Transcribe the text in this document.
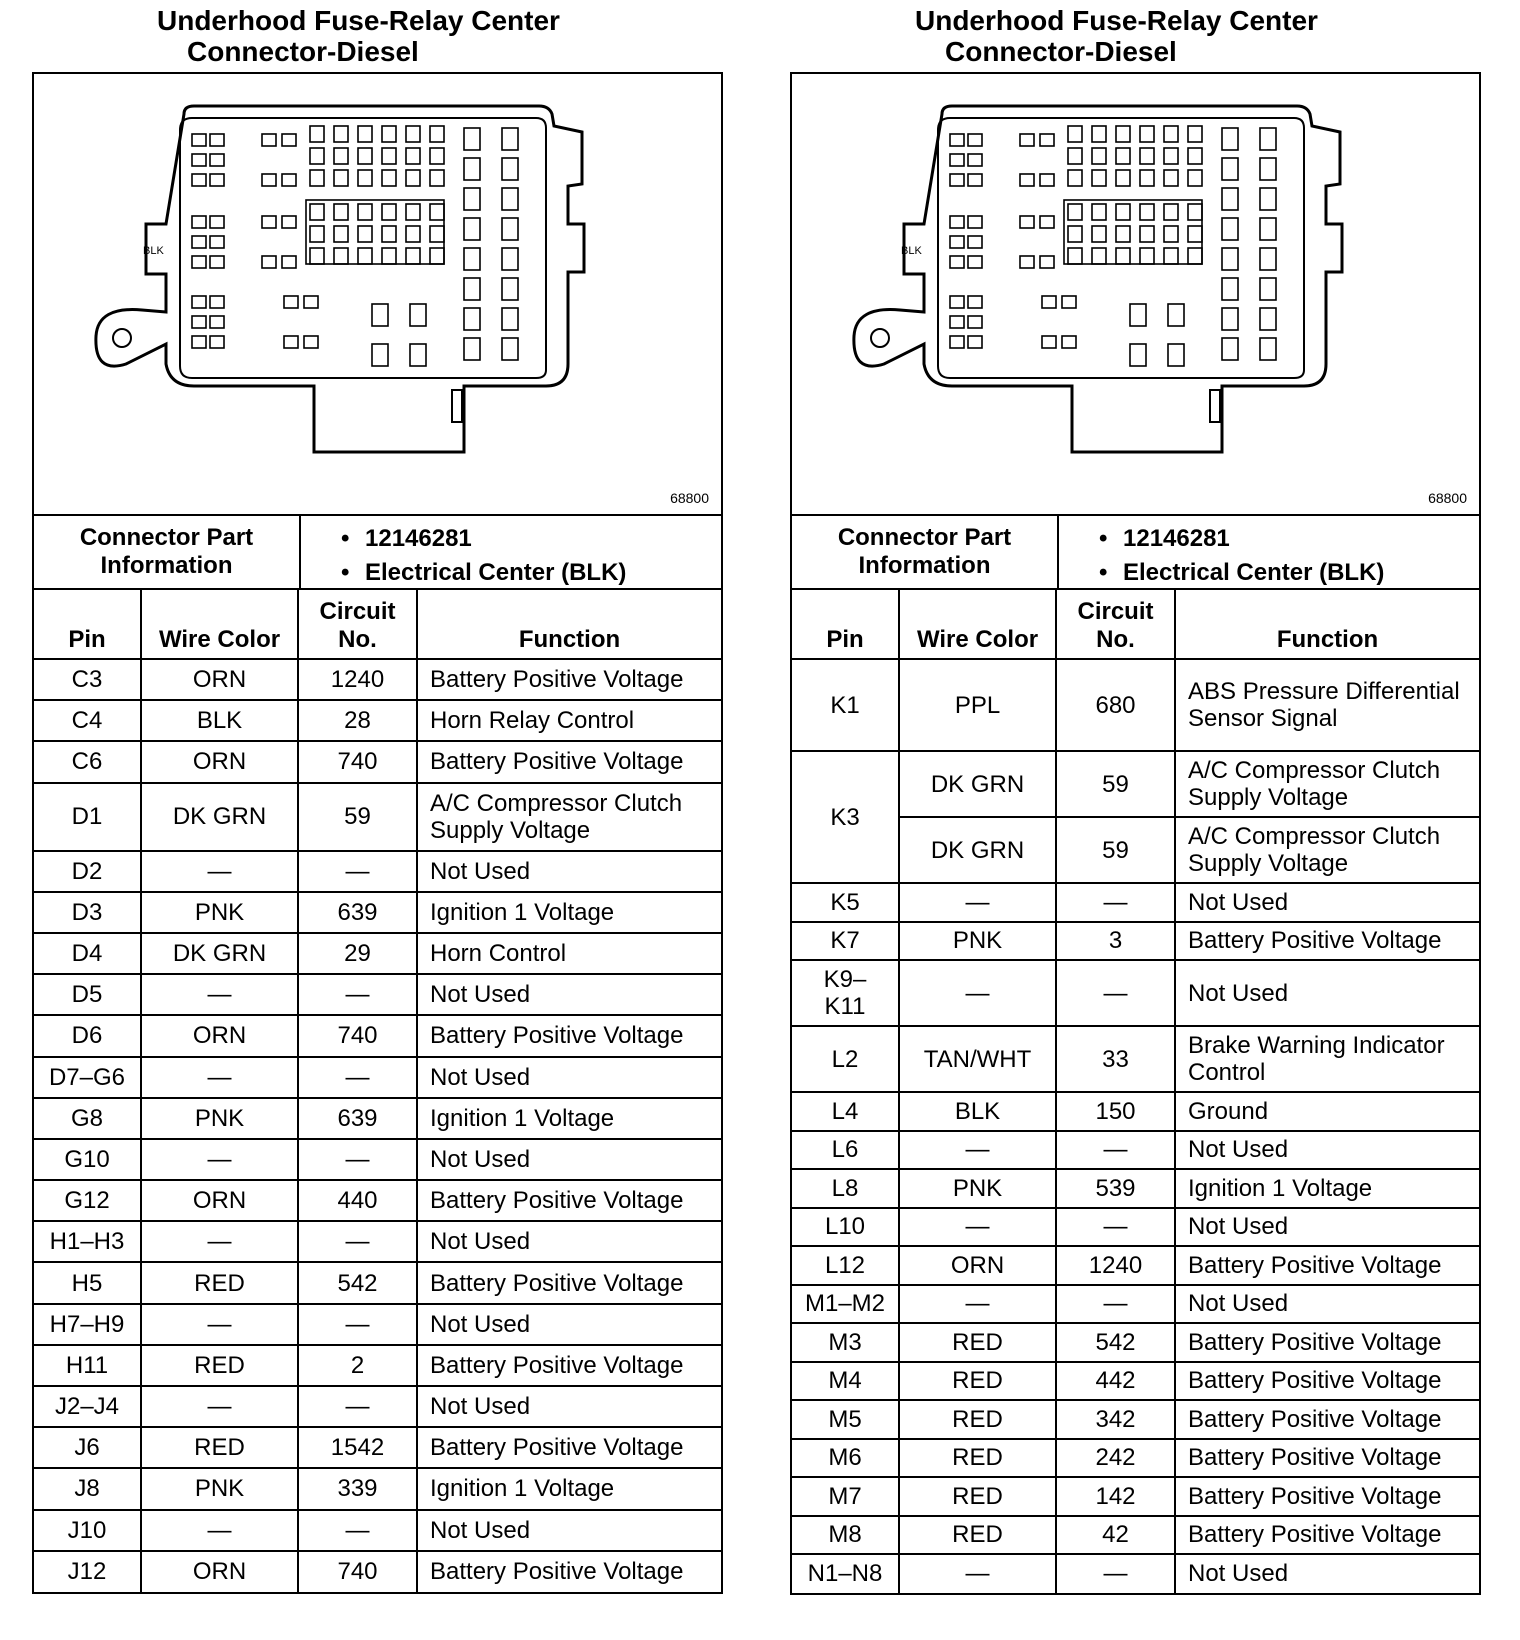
Underhood Fuse-Relay Center
Connector-Diesel
BLK
68800
Connector Part Information
• 12146281
• Electrical Center (BLK)
Pin	Wire Color	Circuit No.	Function
C3	ORN	1240	Battery Positive Voltage
C4	BLK	28	Horn Relay Control
C6	ORN	740	Battery Positive Voltage
D1	DK GRN	59	A/C Compressor Clutch Supply Voltage
D2	—	—	Not Used
D3	PNK	639	Ignition 1 Voltage
D4	DK GRN	29	Horn Control
D5	—	—	Not Used
D6	ORN	740	Battery Positive Voltage
D7–G6	—	—	Not Used
G8	PNK	639	Ignition 1 Voltage
G10	—	—	Not Used
G12	ORN	440	Battery Positive Voltage
H1–H3	—	—	Not Used
H5	RED	542	Battery Positive Voltage
H7–H9	—	—	Not Used
H11	RED	2	Battery Positive Voltage
J2–J4	—	—	Not Used
J6	RED	1542	Battery Positive Voltage
J8	PNK	339	Ignition 1 Voltage
J10	—	—	Not Used
J12	ORN	740	Battery Positive Voltage
Underhood Fuse-Relay Center
Connector-Diesel
BLK
68800
Connector Part Information
• 12146281
• Electrical Center (BLK)
Pin	Wire Color	Circuit No.	Function
K1	PPL	680	ABS Pressure Differential Sensor Signal
K3	DK GRN	59	A/C Compressor Clutch Supply Voltage
	DK GRN	59	A/C Compressor Clutch Supply Voltage
K5	—	—	Not Used
K7	PNK	3	Battery Positive Voltage
K9–K11	—	—	Not Used
L2	TAN/WHT	33	Brake Warning Indicator Control
L4	BLK	150	Ground
L6	—	—	Not Used
L8	PNK	539	Ignition 1 Voltage
L10	—	—	Not Used
L12	ORN	1240	Battery Positive Voltage
M1–M2	—	—	Not Used
M3	RED	542	Battery Positive Voltage
M4	RED	442	Battery Positive Voltage
M5	RED	342	Battery Positive Voltage
M6	RED	242	Battery Positive Voltage
M7	RED	142	Battery Positive Voltage
M8	RED	42	Battery Positive Voltage
N1–N8	—	—	Not Used
